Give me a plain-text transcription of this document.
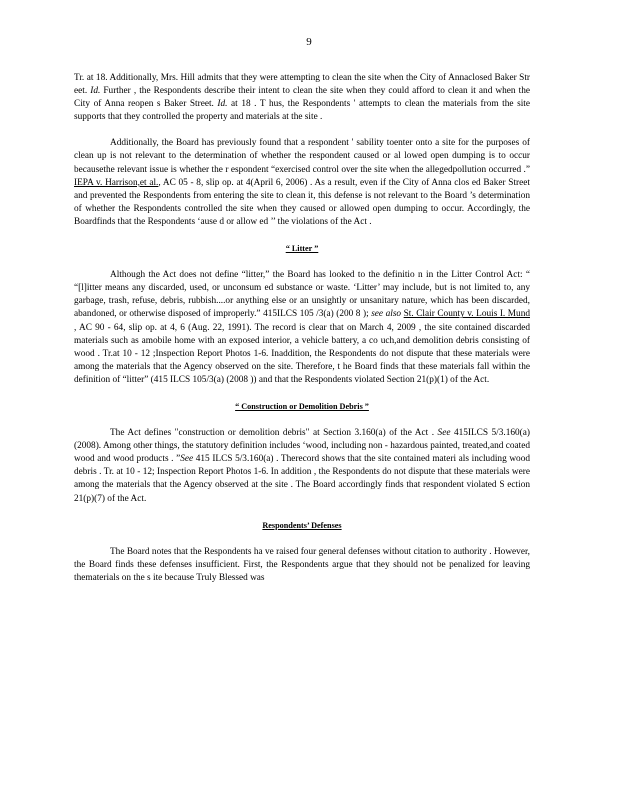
9

Tr. at 18. Additionally, Mrs. Hill admits that they were attempting to clean the site when the City of Annaclosed Baker Str eet. Id. Further , the Respondents describe their intent to clean the site when they could afford to clean it and when the City of Anna reopen s Baker Street. Id. at 18 . T hus, the Respondents ' attempts to clean the materials from the site supports that they controlled the property and materials at the site .

Additionally, the Board has previously found that a respondent ' sability toenter onto a site for the purposes of clean up is not relevant to the determination of whether the respondent caused or al lowed open dumping is to occur becausethe relevant issue is whether the r espondent “exercised control over the site when the allegedpollution occurred .” IEPA v. Harrison,et al., AC 05 - 8, slip op. at 4(April 6, 2006) . As a result, even if the City of Anna clos ed Baker Street and prevented the Respondents from entering the site to clean it, this defense is not relevant to the Board ’s determination of whether the Respondents controlled the site when they caused or allowed open dumping to occur. Accordingly, the Boardfinds that the Respondents ‘ause d or allow ed ’’ the violations of the Act .

“ Litter ”

Although the Act does not define “litter,” the Board has looked to the definitio n in the Litter Control Act: “ “[l]itter means any discarded, used, or unconsum ed substance or waste. ‘Litter’ may include, but is not limited to, any garbage, trash, refuse, debris, rubbish....or anything else or an unsightly or unsanitary nature, which has been discarded, abandoned, or otherwise disposed of improperly.” 415ILCS 105 /3(a) (200 8 ); see also St. Clair County v. Louis I. Mund , AC 90 - 64, slip op. at 4, 6 (Aug. 22, 1991). The record is clear that on March 4, 2009 , the site contained discarded materials such as amobile home with an exposed interior, a vehicle battery, a co uch,and demolition debris consisting of wood . Tr.at 10 - 12 ;Inspection Report Photos 1-6. Inaddition, the Respondents do not dispute that these materials were among the materials that the Agency observed on the site. Therefore, t he Board finds that these materials fall within the definition of “litter” (415 ILCS 105/3(a) (2008 )) and that the Respondents violated Section 21(p)(1) of the Act.

“ Construction or Demolition Debris ”

The Act defines "construction or demolition debris" at Section 3.160(a) of the Act . See 415ILCS 5/3.160(a) (2008). Among other things, the statutory definition includes ‘wood, including non - hazardous painted, treated,and coated wood and wood products . ”See 415 ILCS 5/3.160(a) . Therecord shows that the site contained materi als including wood debris . Tr. at 10 - 12; Inspection Report Photos 1-6. In addition , the Respondents do not dispute that these materials were among the materials that the Agency observed at the site . The Board accordingly finds that respondent violated S ection 21(p)(7) of the Act.

Respondents’ Defenses

The Board notes that the Respondents ha ve raised four general defenses without citation to authority . However, the Board finds these defenses insufficient. First, the Respondents argue that they should not be penalized for leaving thematerials on the s ite because Truly Blessed was
